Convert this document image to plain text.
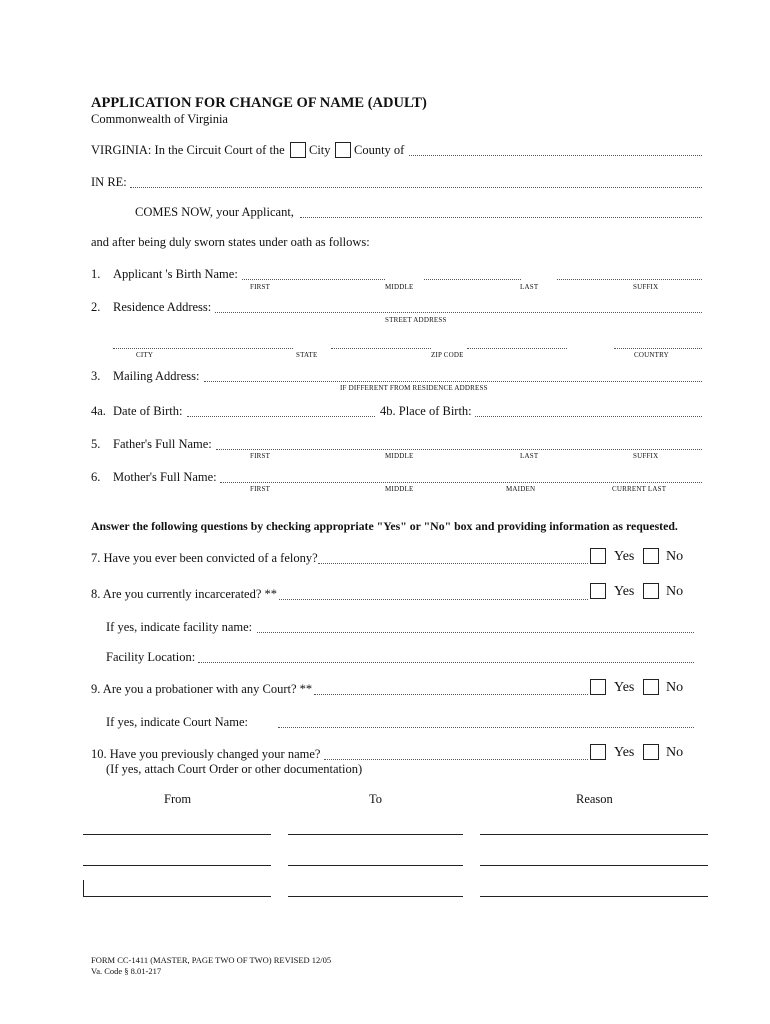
APPLICATION FOR CHANGE OF NAME (ADULT)
Commonwealth of Virginia
VIRGINIA: In the Circuit Court of the City County of
IN RE:
COMES NOW, your Applicant,
and after being duly sworn states under oath as follows:
1. Applicant 's Birth Name:
FIRST	MIDDLE	LAST	SUFFIX
2. Residence Address:
STREET ADDRESS
CITY	STATE	ZIP CODE	COUNTRY
3. Mailing Address:
IF DIFFERENT FROM RESIDENCE ADDRESS
4a. Date of Birth:	4b. Place of Birth:
5. Father's Full Name:
FIRST	MIDDLE	LAST	SUFFIX
6. Mother's Full Name:
FIRST	MIDDLE	MAIDEN	CURRENT LAST
Answer the following questions by checking appropriate "Yes" or "No" box and providing information as requested.
7. Have you ever been convicted of a felony?	Yes No
8. Are you currently incarcerated? **	Yes No
If yes, indicate facility name:
Facility Location:
9. Are you a probationer with any Court? **	Yes No
If yes, indicate Court Name:
10. Have you previously changed your name?	Yes No
(If yes, attach Court Order or other documentation)
From	To	Reason
FORM CC-1411 (MASTER, PAGE TWO OF TWO) REVISED 12/05
Va. Code § 8.01-217
